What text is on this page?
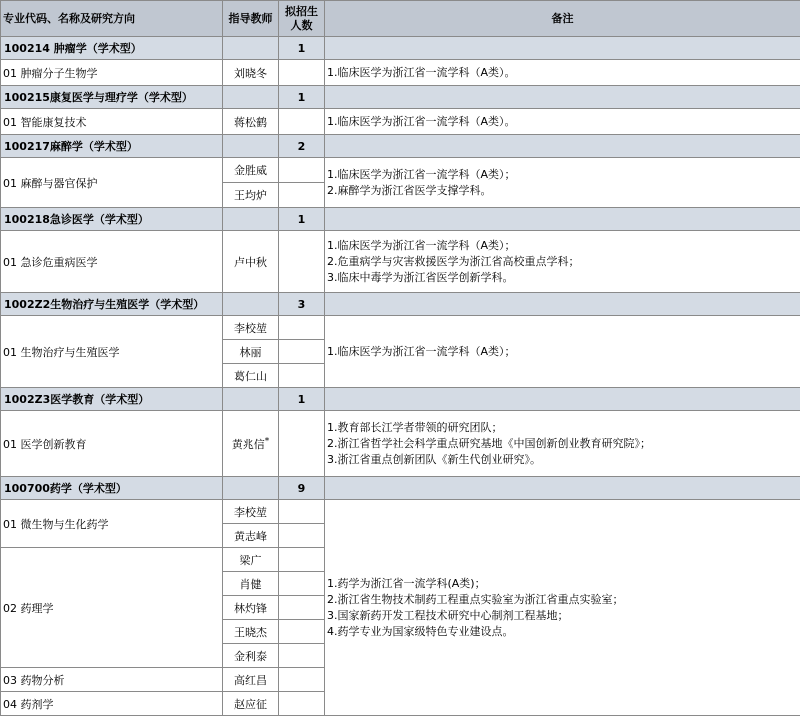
专业代码、名称及研究方向	指导教师	拟招生
人数	备注
100214 肿瘤学（学术型）		1	
01 肿瘤分子生物学	刘晓冬		1.临床医学为浙江省一流学科（A类）。

100215康复医学与理疗学（学术型）		1	
01 智能康复技术	蒋松鹤		1.临床医学为浙江省一流学科（A类）。

100217麻醉学（学术型）		2	
01 麻醉与器官保护	金胜威		1.临床医学为浙江省一流学科（A类）；
2.麻醉学为浙江省医学支撑学科。

	王均炉		
100218急诊医学（学术型）		1	
01 急诊危重病医学	卢中秋		1.临床医学为浙江省一流学科（A类）；
2.危重病学与灾害救援医学为浙江省高校重点学科；
3.临床中毒学为浙江省医学创新学科。

1002Z2生物治疗与生殖医学（学术型）		3	
01 生物治疗与生殖医学	李校堃		1.临床医学为浙江省一流学科（A类）；

	林丽		
	葛仁山		
1002Z3医学教育（学术型）		1	
01 医学创新教育	黄兆信*		1.教育部长江学者带领的研究团队；
2.浙江省哲学社会科学重点研究基地《中国创新创业教育研究院》；
3.浙江省重点创新团队《新生代创业研究》。

100700药学（学术型）		9	
01 微生物与生化药学	李校堃		1.药学为浙江省一流学科(A类)；
2.浙江省生物技术制药工程重点实验室为浙江省重点实验室；
3.国家新药开发工程技术研究中心制剂工程基地；
4.药学专业为国家级特色专业建设点。

	黄志峰		
02 药理学	梁广		
	肖健		
	林灼锋		
	王晓杰		
	金利泰		
03 药物分析	高红昌		
04 药剂学	赵应征		
